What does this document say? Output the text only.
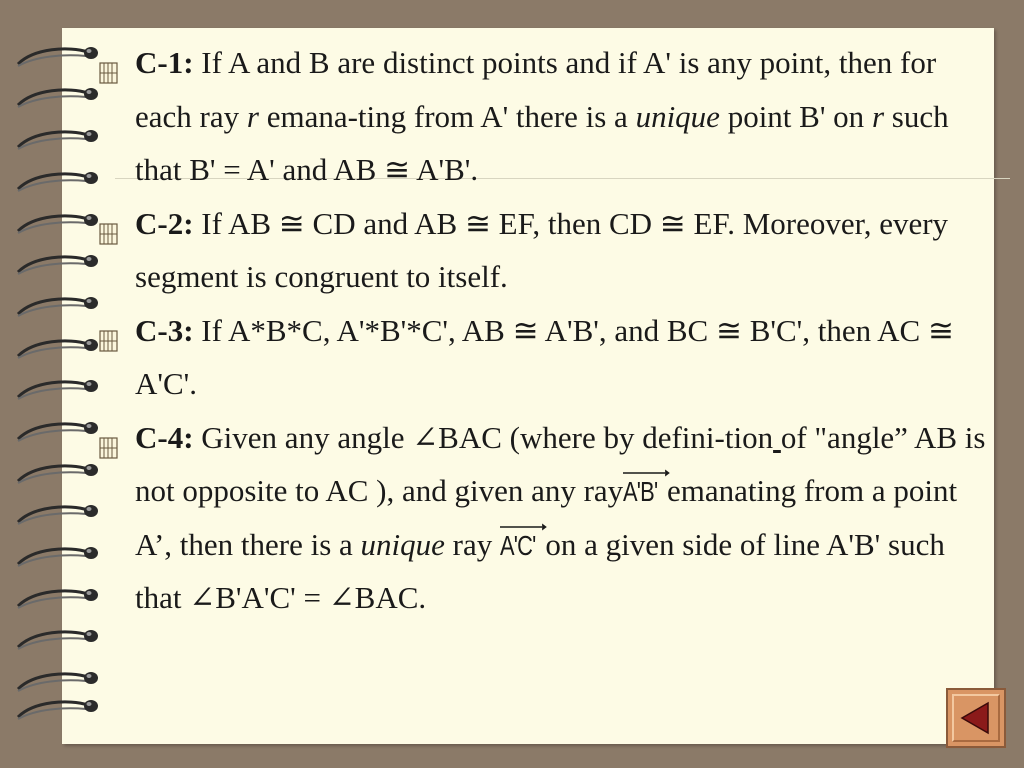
C-1: If A and B are distinct points and if A' is any point, then for each ray r emana-ting from A' there is a unique point B' on r such that B' = A' and AB ≅ A'B'.
C-2: If AB ≅ CD and AB ≅ EF, then CD ≅ EF. Moreover, every segment is congruent to itself.
C-3: If A*B*C, A'*B'*C', AB ≅ A'B', and BC ≅ B'C', then AC ≅ A'C'.
C-4: Given any angle ∠BAC (where by defini-tion of "angle” AB is not opposite to AC ), and given any rayA'B'
emanating from a point A’, then there is a unique ray A'C'
on a given side of line A'B' such that ∠B'A'C' = ∠BAC.
